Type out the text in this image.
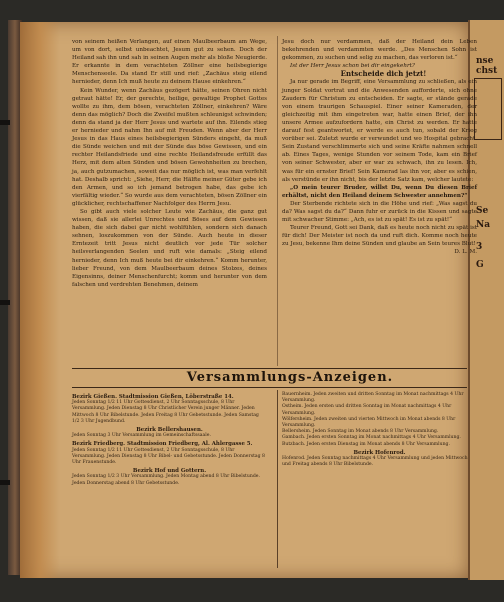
nse
chst
Se
Na
3
G

von seinem heißen Verlangen, auf einen Maulbeerbaum am Wege, um von dort, selbst unbeachtet, Jesum gut zu sehen. Doch der Heiland sah ihn und sah in seinen Augen mehr als bloße Neugierde. Er erkannte in dem verachteten Zöllner eine heilsbegierige Menschenseele. Da stand Er still und rief: „Zachäus steig eilend hernieder, denn Ich muß heute zu deinem Hause einkehren.“

Kein Wunder, wenn Zachäus gezögert hätte, seinen Ohren nicht getraut hätte! Er, der gerechte, heilige, gewaltige Prophet Gottes wollte zu ihm, dem bösen, verachteten Zöllner, einkehren? Wäre denn das möglich? Doch die Zweifel mußten schleunigst schwinden; denn da stand ja der Herr Jesus und wartete auf ihn. Eilends stieg er hernieder und nahm Ihn auf mit Freuden. Wenn aber der Herr Jesus in das Haus eines heilsbegierigen Sünders eingeht, da muß die Sünde weichen und mit der Sünde das böse Gewissen, und ein rechter Heilandsfriede und eine rechte Heilandsfreude erfüllt das Herz, mit dem alten Sünden und bösen Gewohnheiten zu brechen, ja, auch gutzumachen, soweit das nur möglich ist, was man verfehlt hat. Deshalb spricht: „Siehe, Herr, die Hälfte meiner Güter gebe ich den Armen, und so ich jemand betrogen habe, das gebe ich vierfältig wieder.“ So wurde aus dem verachteten, bösen Zöllner ein glücklicher, rechtschaffener Nachfolger des Herrn Jesu.

So gibt auch viele solcher Leute wie Zachäus, die ganz gut wissen, daß sie allerlei Unrechtes und Böses auf dem Gewissen haben, die sich dabei gar nicht wohlfühlen, sondern sich danach sehnen, loszukommen von der Sünde. Auch heute in dieser Erntezeit tritt Jesus nicht deutlich vor jede Tür solcher heilsverlangenden Seelen und ruft wie damals: „Steig eilend hernieder, denn Ich muß heute bei dir einkehren.“ Komm herunter, lieber Freund, von dem Maulbeerbaum deines Stolzes, deines Eigensinns, deiner Menschenfurcht; komm und herunter von dem falschen und verdrehten Benehmen, deinem

Jesu doch nur verdammen, daß der Heiland dein Leben bekehrenden und verdammten werde. „Des Menschen Sohn ist gekommen, zu suchen und selig zu machen, das verloren ist.“

Ist der Herr Jesus schon bei dir eingekehrt?

Entscheide dich jetzt!

Ja nur gerade im Begriff, eine Versammlung zu schließen, als ein junger Soldat vortrat und die Anwesenden aufforderte, sich ohne Zaudern für Christum zu entscheiden. Er sagte, er stände gerade von einem traurigen Schauspiel. Einer seiner Kameraden, der gleichzeitig mit ihm eingetreten war, hatte einen Brief, der ihn unsere Armee aufzufordern hatte, ein Christ zu werden. Er hatte darauf fest geantwortet, er werde es auch tun, sobald der Krieg vorüber sei. Zuletzt wurde er verwundet und wo Hospital gebracht. Sein Zustand verschlimmerte sich und seine Kräfte nahmen schnell ab. Eines Tages, wenige Stunden vor seinem Tode, kam ein Brief von seiner Schwester, aber er war zu schwach, ihn zu lesen. Ich, was für ein ernster Brief! Sein Kamerad las ihn vor, aber es schien, als verstünde er ihn nicht, bis der letzte Satz kam, welcher lautete:

„O mein teurer Bruder, willst Du, wenn Du diesen Brief erhältst, nicht den Heiland deinem Schwester annehmen?“

Der Sterbende richtete sich in die Höhe und rief: „Was sagst du da? Was sagst du da?“ Dann fuhr er zurück in die Kissen und sagte mit schwacher Stimme: „Ach, es ist zu spät! Es ist zu spät!“

Teurer Freund, Gott sei Dank, daß es heute noch nicht zu spät ist für dich! Der Meister ist noch da und ruft dich. Komme noch heute zu Jesu, bekenne Ihm deine Sünden und glaube an Sein teures Blut!

D. L. M.

Versammlungs-Anzeigen.
Bezirk Gießen. Stadtmission Gießen, Löberstraße 14.

Jeden Sonntag 1/2 11 Uhr Gottesdienst, 2 Uhr Sonntagsschule, 8 Uhr Versammlung. Jeden Dienstag 8 Uhr Christlicher Verein junger Männer. Jeden Mittwoch 8 Uhr Bibelstunde. Jeden Freitag 8 Uhr Gebetsstunde. Jeden Samstag 1/2 3 Uhr Jugendbund.

Bezirk Bellershausen.

Jeden Sonntag 3 Uhr Versammlung im Gemeinschaftssaale.

Bezirk Friedberg. Stadtmission Friedberg, Al. Ahlergasse 5.

Jeden Sonntag 1/2 11 Uhr Gottesdienst, 2 Uhr Sonntagsschule, 8 Uhr Versammlung. Jeden Dienstag 8 Uhr Bibel- und Gebetsstunde. Jeden Donnerstag 8 Uhr Frauenstunde.

Bezirk Hof und Gottern.

Jeden Sonntag 1/2 3 Uhr Versammlung. Jeden Montag abend 8 Uhr Bibelstunde. Jeden Donnerstag abend 8 Uhr Gebetsstunde.

Bauernheim. Jeden zweiten und dritten Sonntag im Monat nachmittags 4 Uhr Versammlung.

Ostheim. Jeden ersten und dritten Sonntag im Monat nachmittags 4 Uhr Versammlung.

Wölfersheim. Jeden zweiten und vierten Mittwoch im Monat abends 8 Uhr Versammlung.

Bellersheim. Jeden Sonntag im Monat abends 8 Uhr Versammlung.

Gambach. Jeden ersten Sonntag im Monat nachmittags 4 Uhr Versammlung.

Butzbach. Jeden ersten Dienstag im Monat abends 8 Uhr Versammlung.

Bezirk Hofenrod.

Hofenrod. Jeden Sonntag nachmittags 4 Uhr Versammlung und jeden Mittwoch und Freitag abends 8 Uhr Bibelstunde.
